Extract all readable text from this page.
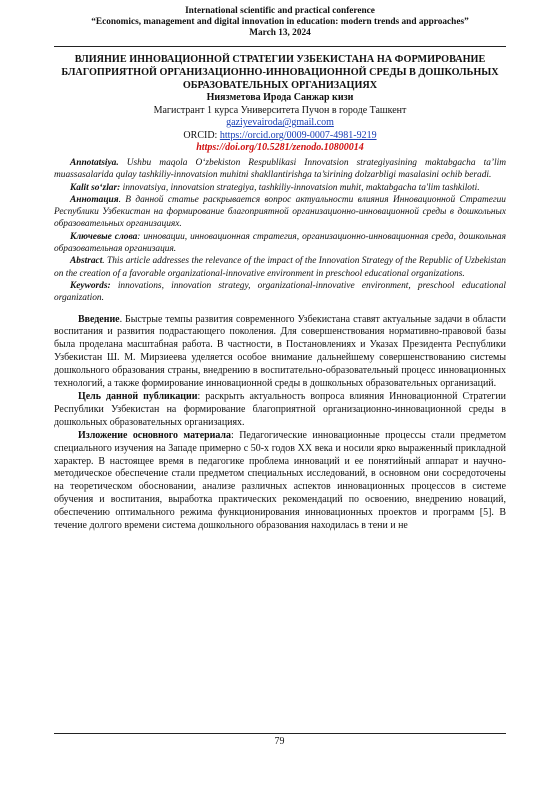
International scientific and practical conference
“Economics, management and digital innovation in education: modern trends and approaches”
March 13, 2024
ВЛИЯНИЕ ИННОВАЦИОННОЙ СТРАТЕГИИ УЗБЕКИСТАНА НА ФОРМИРОВАНИЕ БЛАГОПРИЯТНОЙ ОРГАНИЗАЦИОННО-ИННОВАЦИОННОЙ СРЕДЫ В ДОШКОЛЬНЫХ ОБРАЗОВАТЕЛЬНЫХ ОРГАНИЗАЦИЯХ
Ниязметова Ирода Санжар кизи
Магистрант 1 курса Университета Пучон в городе Ташкент
gaziyevairoda@gmail.com
ORCID: https://orcid.org/0009-0007-4981-9219
https://doi.org/10.5281/zenodo.10800014

Annotatsiya. Ushbu maqola O‘zbekiston Respublikasi Innovatsion strategiyasining maktabgacha ta’lim muassasalarida qulay tashkiliy-innovatsion muhitni shakllantirishga ta’sirining dolzarbligi masalasini ochib beradi.

Kalit so‘zlar: innovatsiya, innovatsion strategiya, tashkiliy-innovatsion muhit, maktabgacha ta'lim tashkiloti.

Аннотация. В данной статье раскрывается вопрос актуальности влияния Инновационной Стратегии Республики Узбекистан на формирование благоприятной организационно-инновационной среды в дошкольных образовательных организациях.

Ключевые слова: инновации, инновационная стратегия, организационно-инновационная среда, дошкольная образовательная организация.

Abstract. This article addresses the relevance of the impact of the Innovation Strategy of the Republic of Uzbekistan on the creation of a favorable organizational-innovative environment in preschool educational organizations.

Keywords: innovations, innovation strategy, organizational-innovative environment, preschool educational organization.

Введение. Быстрые темпы развития современного Узбекистана ставят актуальные задачи в области воспитания и развития подрастающего поколения. Для совершенствования нормативно-правовой базы была проделана масштабная работа. В частности, в Постановлениях и Указах Президента Республики Узбекистан Ш. М. Мирзиеева уделяется особое внимание дальнейшему совершенствованию системы дошкольного образования страны, внедрению в воспитательно-образовательный процесс инновационных технологий, а также формирование инновационной среды в дошкольных образовательных организаций.

Цель данной публикации: раскрыть актуальность вопроса влияния Инновационной Стратегии Республики Узбекистан на формирование благоприятной организационно-инновационной среды в дошкольных образовательных организациях.

Изложение основного материала: Педагогические инновационные процессы стали предметом специального изучения на Западе примерно с 50-х годов XX века и носили ярко выраженный прикладной характер. В настоящее время в педагогике проблема инноваций и ее понятийный аппарат и научно-методическое обеспечение стали предметом специальных исследований, в основном они сосредоточены на теоретическом обосновании, анализе различных аспектов инновационных процессов в системе обучения и воспитания, выработка практических рекомендаций по освоению, внедрению новаций, обеспечению оптимального режима функционирования инновационных проектов и программ [5]. В течение долгого времени система дошкольного образования находилась в тени и не

79
